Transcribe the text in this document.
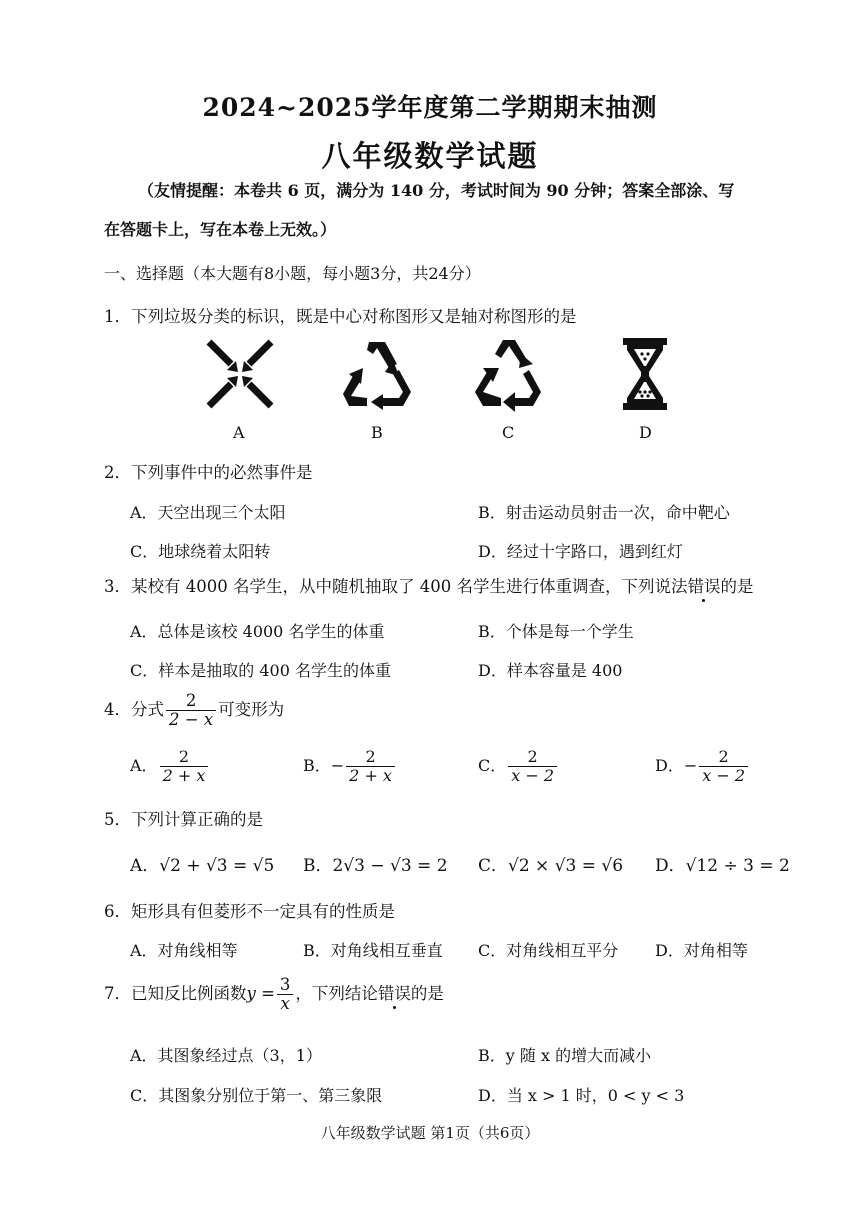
2024~2025学年度第二学期期末抽测
八年级数学试题
（友情提醒：本卷共 6 页，满分为 140 分，考试时间为 90 分钟；答案全部涂、写
在答题卡上，写在本卷上无效。）
一、选择题（本大题有8小题，每小题3分，共24分）
1．下列垃圾分类的标识，既是中心对称图形又是轴对称图形的是
A	B	C	D
2．下列事件中的必然事件是
A．天空出现三个太阳	B．射击运动员射击一次，命中靶心
C．地球绕着太阳转	D．经过十字路口，遇到红灯
3．某校有 4000 名学生，从中随机抽取了 400 名学生进行体重调查，下列说法错误的是
A．总体是该校 4000 名学生的体重	B．个体是每一个学生
C．样本是抽取的 400 名学生的体重	D．样本容量是 400
4．分式 $\frac{2}{2 - x}$ 可变形为
A． $\frac{2}{2 + x}$	B．− $\frac{2}{2 + x}$	C． $\frac{2}{x - 2}$	D．− $\frac{2}{x - 2}$
5．下列计算正确的是
A．√2 + √3 = √5 B．2√3 − √3 = 2 C．√2 × √3 = √6 D．√12 ÷ 3 = 2
6．矩形具有但菱形不一定具有的性质是
A．对角线相等	B．对角线相互垂直 C．对角线相互平分 D．对角相等
7．已知反比例函数$y = \frac{3}{x}$ ，下列结论错误的是
A．其图象经过点（3，1）	B．y 随 x 的增大而减小
C．其图象分别位于第一、第三象限	D．当 x > 1 时，0 < y < 3
八年级数学试题 第1页（共6页）
